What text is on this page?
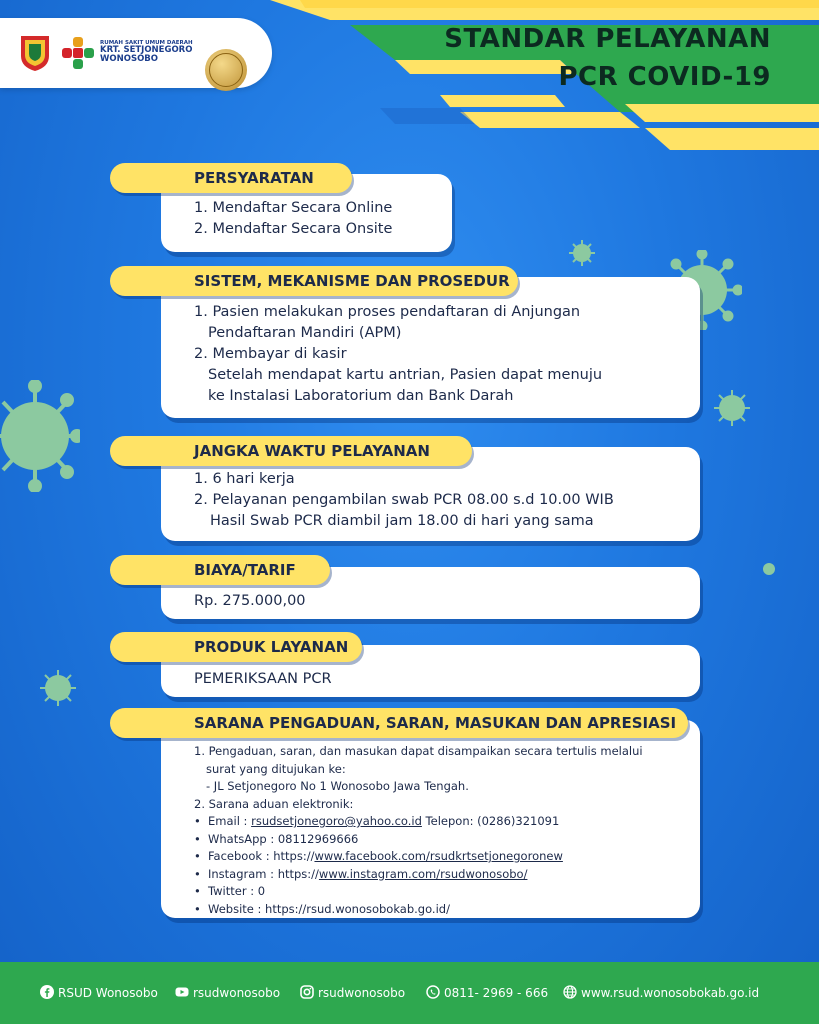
RUMAH SAKIT UMUM DAERAH
KRT. SETJONEGORO
WONOSOBO
STANDAR PELAYANAN
PCR COVID-19
PERSYARATAN
1. Mendaftar Secara Online
2. Mendaftar Secara Onsite
SISTEM, MEKANISME DAN PROSEDUR
1. Pasien melakukan proses pendaftaran di Anjungan
Pendaftaran Mandiri (APM)
2. Membayar di kasir
Setelah mendapat kartu antrian, Pasien dapat menuju
ke Instalasi Laboratorium dan Bank Darah
JANGKA WAKTU PELAYANAN
1. 6 hari kerja
2. Pelayanan pengambilan swab PCR 08.00 s.d 10.00 WIB
Hasil Swab PCR diambil jam 18.00 di hari yang sama
BIAYA/TARIF
Rp. 275.000,00
PRODUK LAYANAN
PEMERIKSAAN PCR
SARANA PENGADUAN, SARAN, MASUKAN DAN APRESIASI
1. Pengaduan, saran, dan masukan dapat disampaikan secara tertulis melalui
surat yang ditujukan ke:
- JL Setjonegoro No 1 Wonosobo Jawa Tengah.
2. Sarana aduan elektronik:
• Email : rsudsetjonegoro@yahoo.co.id Telepon: (0286)321091
• WhatsApp : 08112969666
• Facebook : https://www.facebook.com/rsudkrtsetjonegoronew
• Instagram : https://www.instagram.com/rsudwonosobo/
• Twitter : 0
• Website : https://rsud.wonosobokab.go.id/
RSUD Wonosobo	rsudwonosobo	rsudwonosobo	0811- 2969 - 666	www.rsud.wonosobokab.go.id
